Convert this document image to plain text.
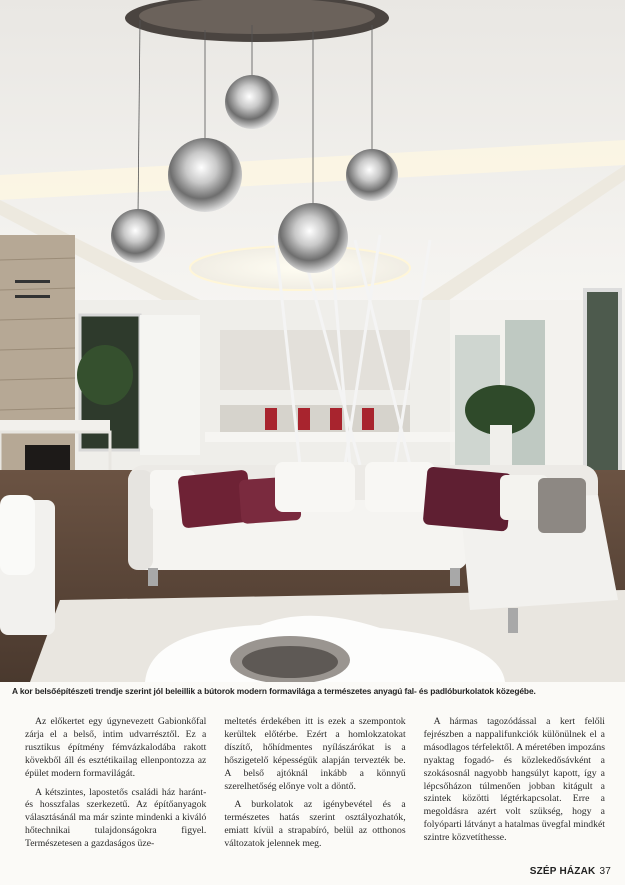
A kor belsőépítészeti trendje szerint jól beleillik a bútorok modern formavilága a természetes anyagú fal- és padlóburkolatok közegébe.

Az előkertet egy úgynevezett Gabionkőfal zárja el a belső, intim udvarrésztől. Ez a rusztikus építmény fémvázkalodába rakott kövekből áll és esztétikailag ellenpontozza az épület modern formavilágát.

A kétszintes, lapostetős családi ház haránt- és hosszfalas szerkezetű. Az építőanyagok választásánál ma már szinte mindenki a kiváló hőtechnikai tulajdonságokra figyel. Természetesen a gazdaságos üze-

meltetés érdekében itt is ezek a szempontok kerültek előtérbe. Ezért a homlokzatokat díszítő, hőhídmentes nyílászárókat is a hőszigetelő képességük alapján tervezték be. A belső ajtóknál inkább a könnyű szerelhetőség előnye volt a döntő.

A burkolatok az igénybevétel és a természetes hatás szerint osztályozhatók, emiatt kívül a strapabíró, belül az otthonos változatok jelennek meg.

A hármas tagozódással a kert felőli fejrészben a nappalifunkciók különülnek el a másodlagos térfelektől. A méretében impozáns nyaktag fogadó- és közlekedősávként a szokásosnál nagyobb hangsúlyt kapott, így a lépcsőházon túlmenően jobban kitágult a szintek közötti légtérkapcsolat. Erre a megoldásra azért volt szükség, hogy a folyóparti látványt a hatalmas üvegfal mindkét szintre közvetíthesse.

SZÉP HÁZAK 37
